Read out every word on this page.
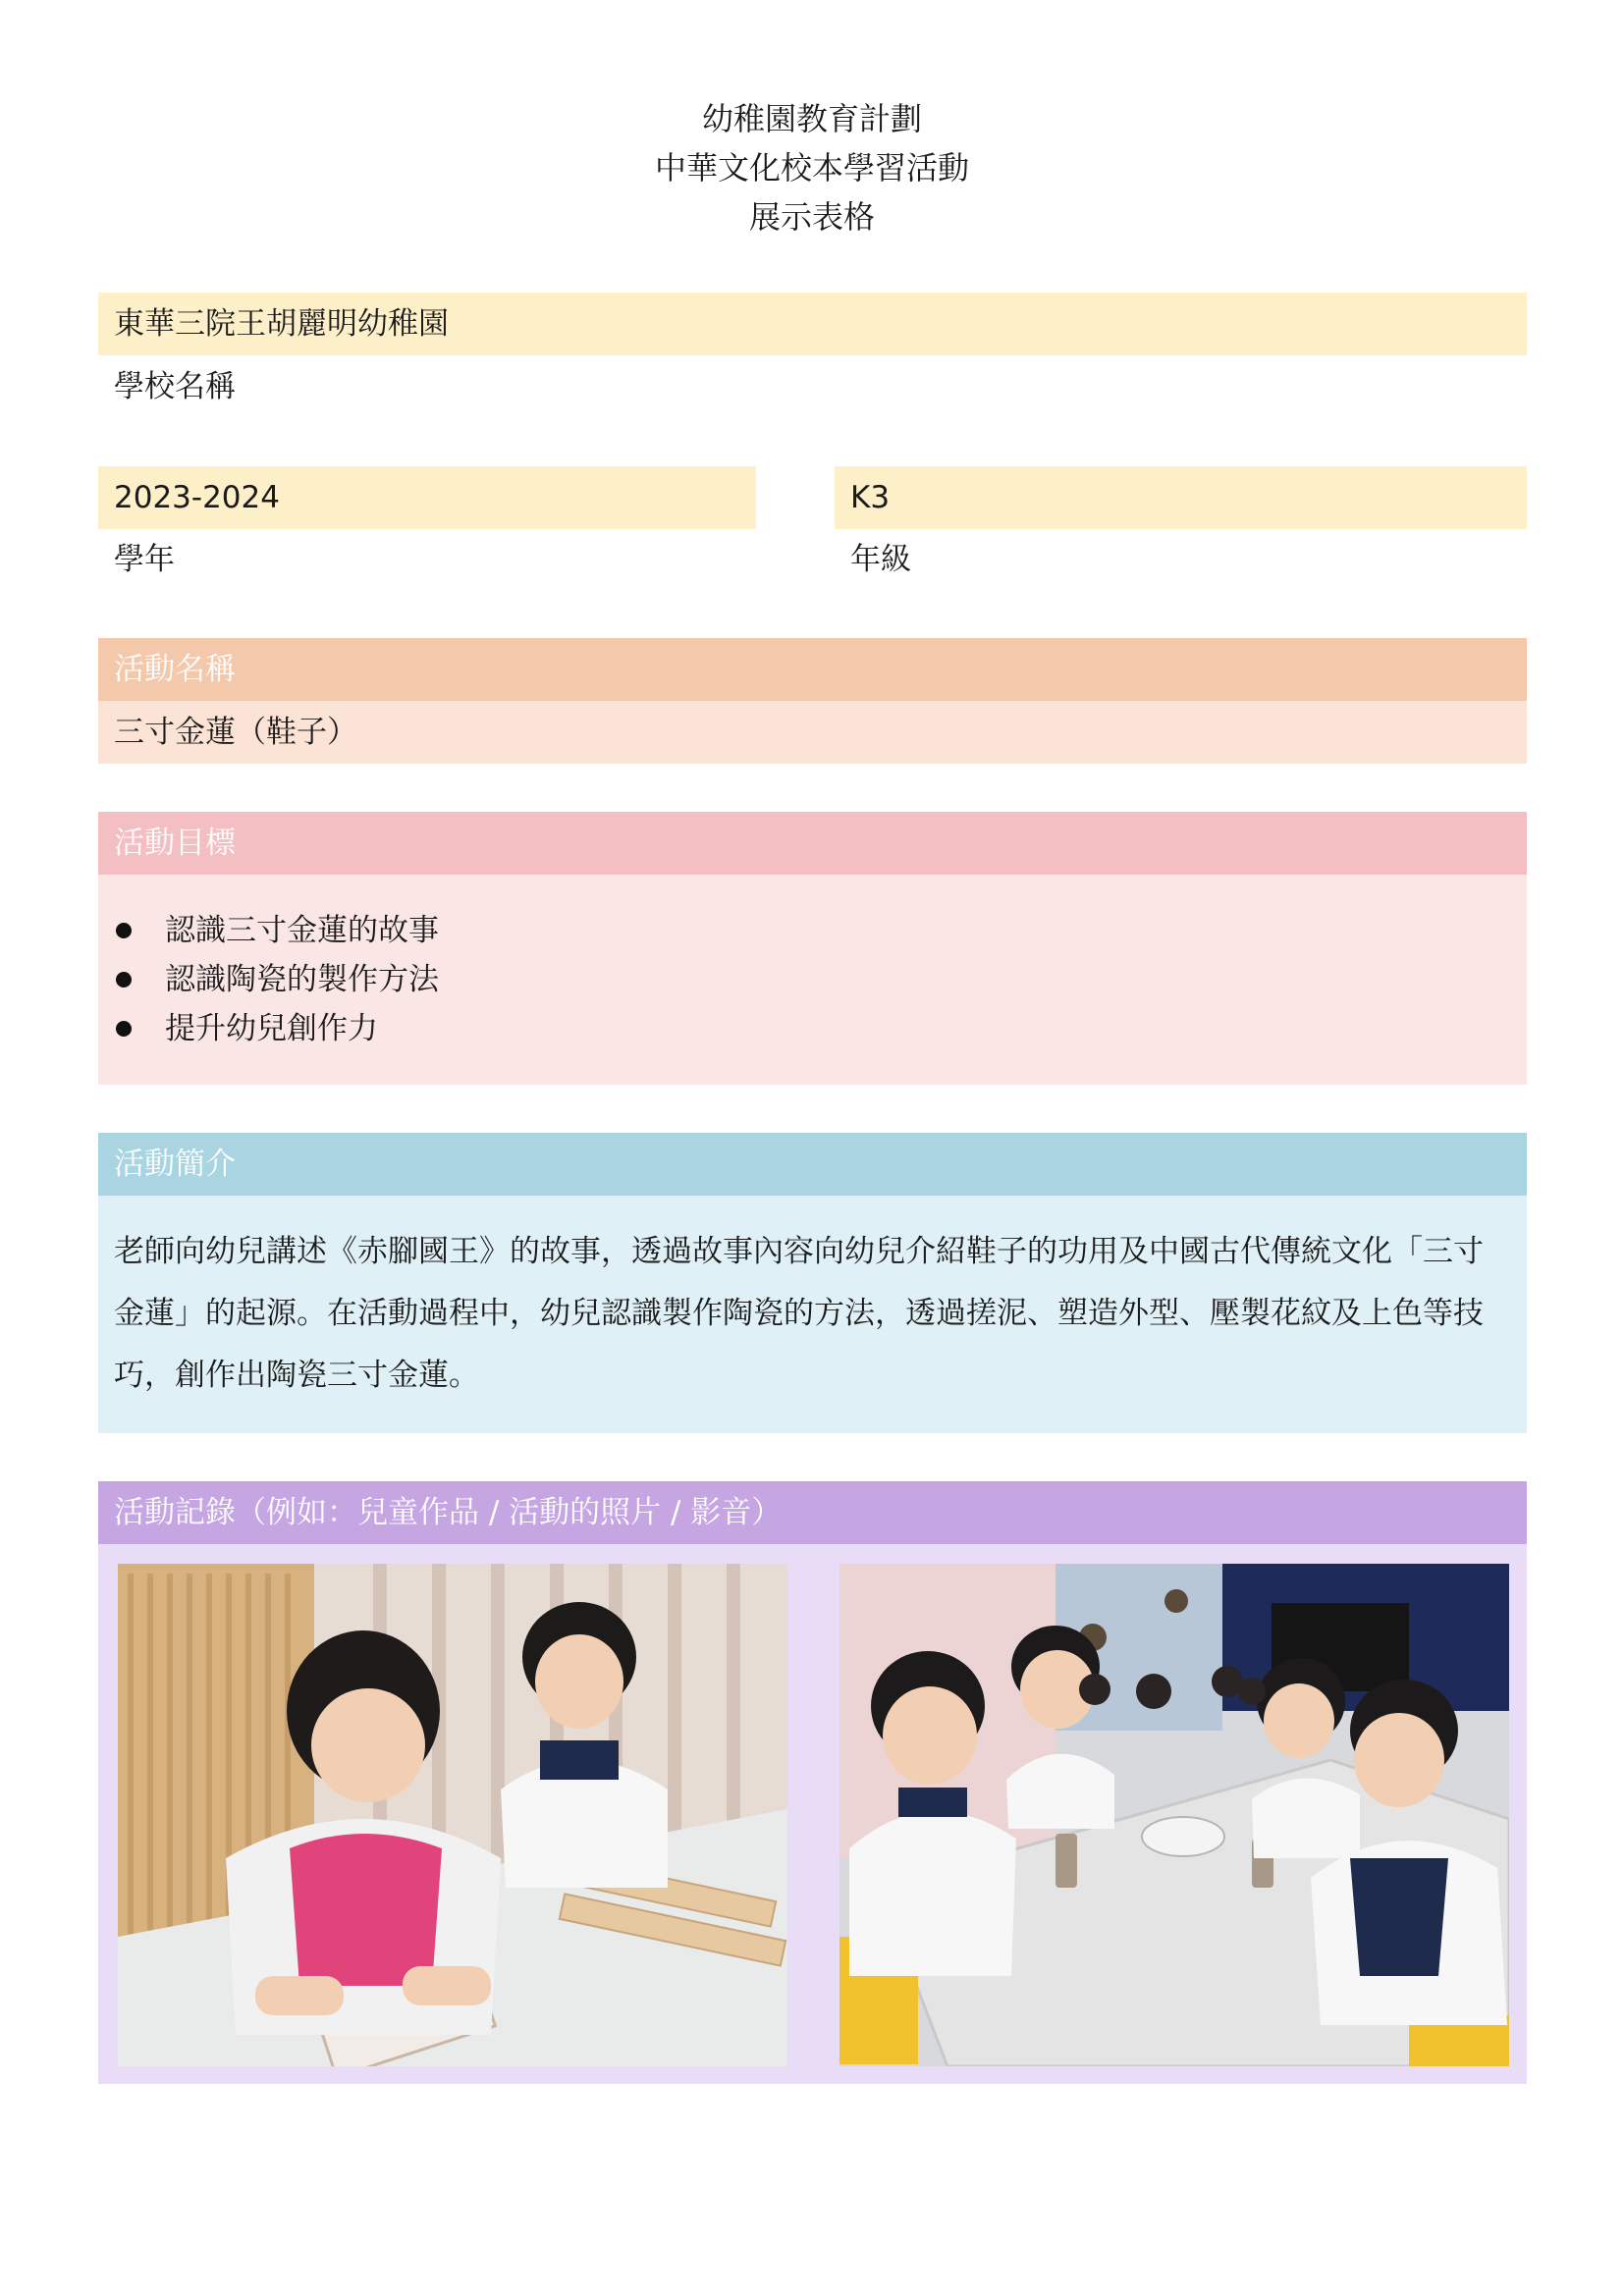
幼稚園教育計劃
中華文化校本學習活動
展示表格
東華三院王胡麗明幼稚園
學校名稱
2023-2024
學年
K3
年級
活動名稱
三寸金蓮（鞋子）
活動目標
認識三寸金蓮的故事
認識陶瓷的製作方法
提升幼兒創作力
活動簡介

老師向幼兒講述《赤腳國王》的故事，透過故事內容向幼兒介紹鞋子的功用及中國古代傳統文化「三寸金蓮」的起源。在活動過程中，幼兒認識製作陶瓷的方法，透過搓泥、塑造外型、壓製花紋及上色等技巧，創作出陶瓷三寸金蓮。

活動記錄（例如：兒童作品 / 活動的照片 / 影音）
